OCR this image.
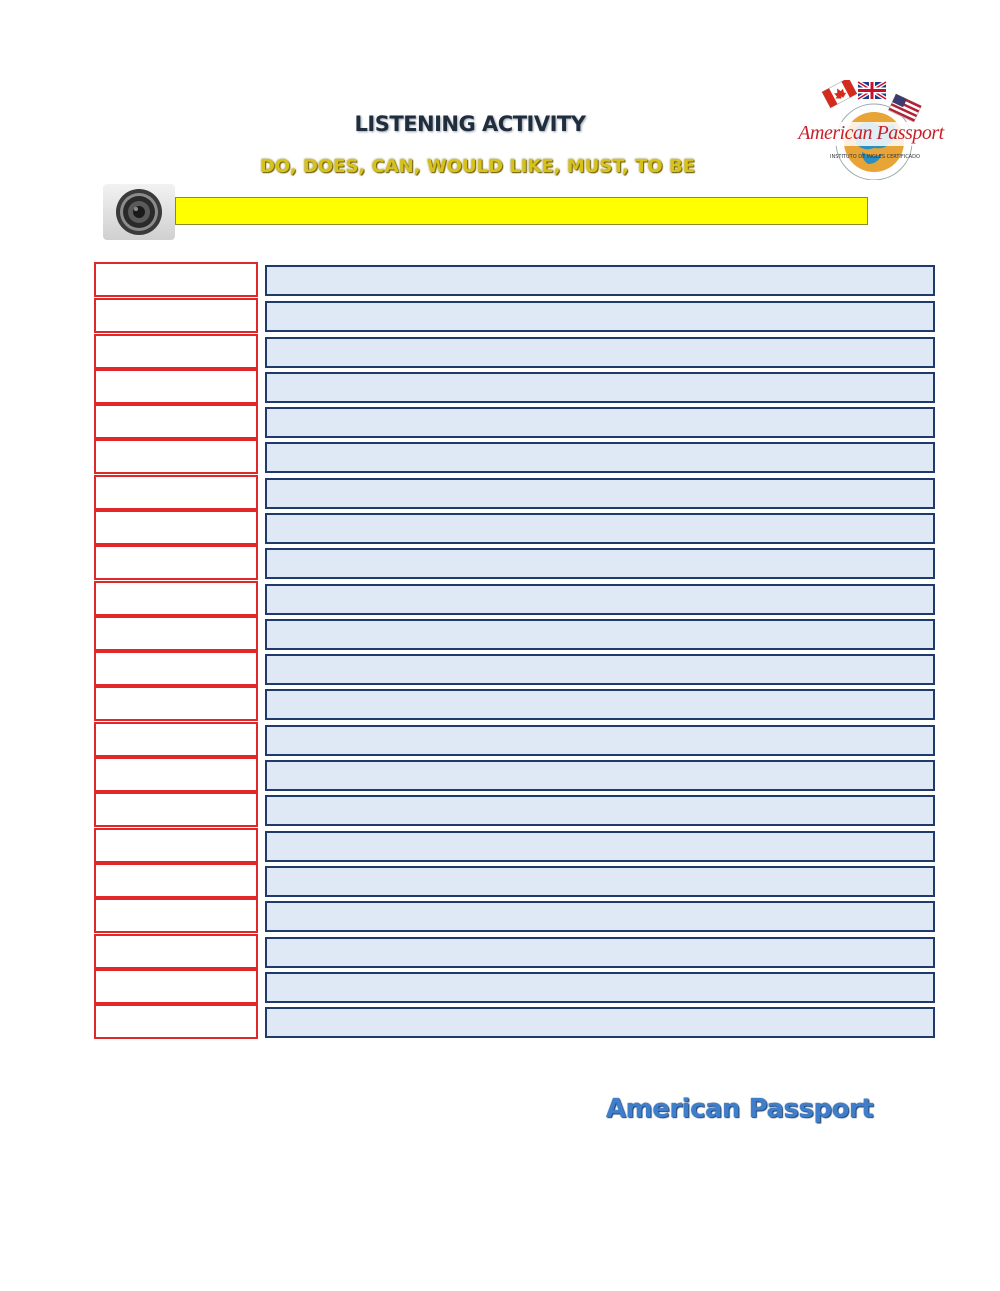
LISTENING ACTIVITY
DO, DOES, CAN, WOULD LIKE, MUST, TO BE
American Passport
INSTITUTO DE INGLES CERTIFICADO
American Passport
